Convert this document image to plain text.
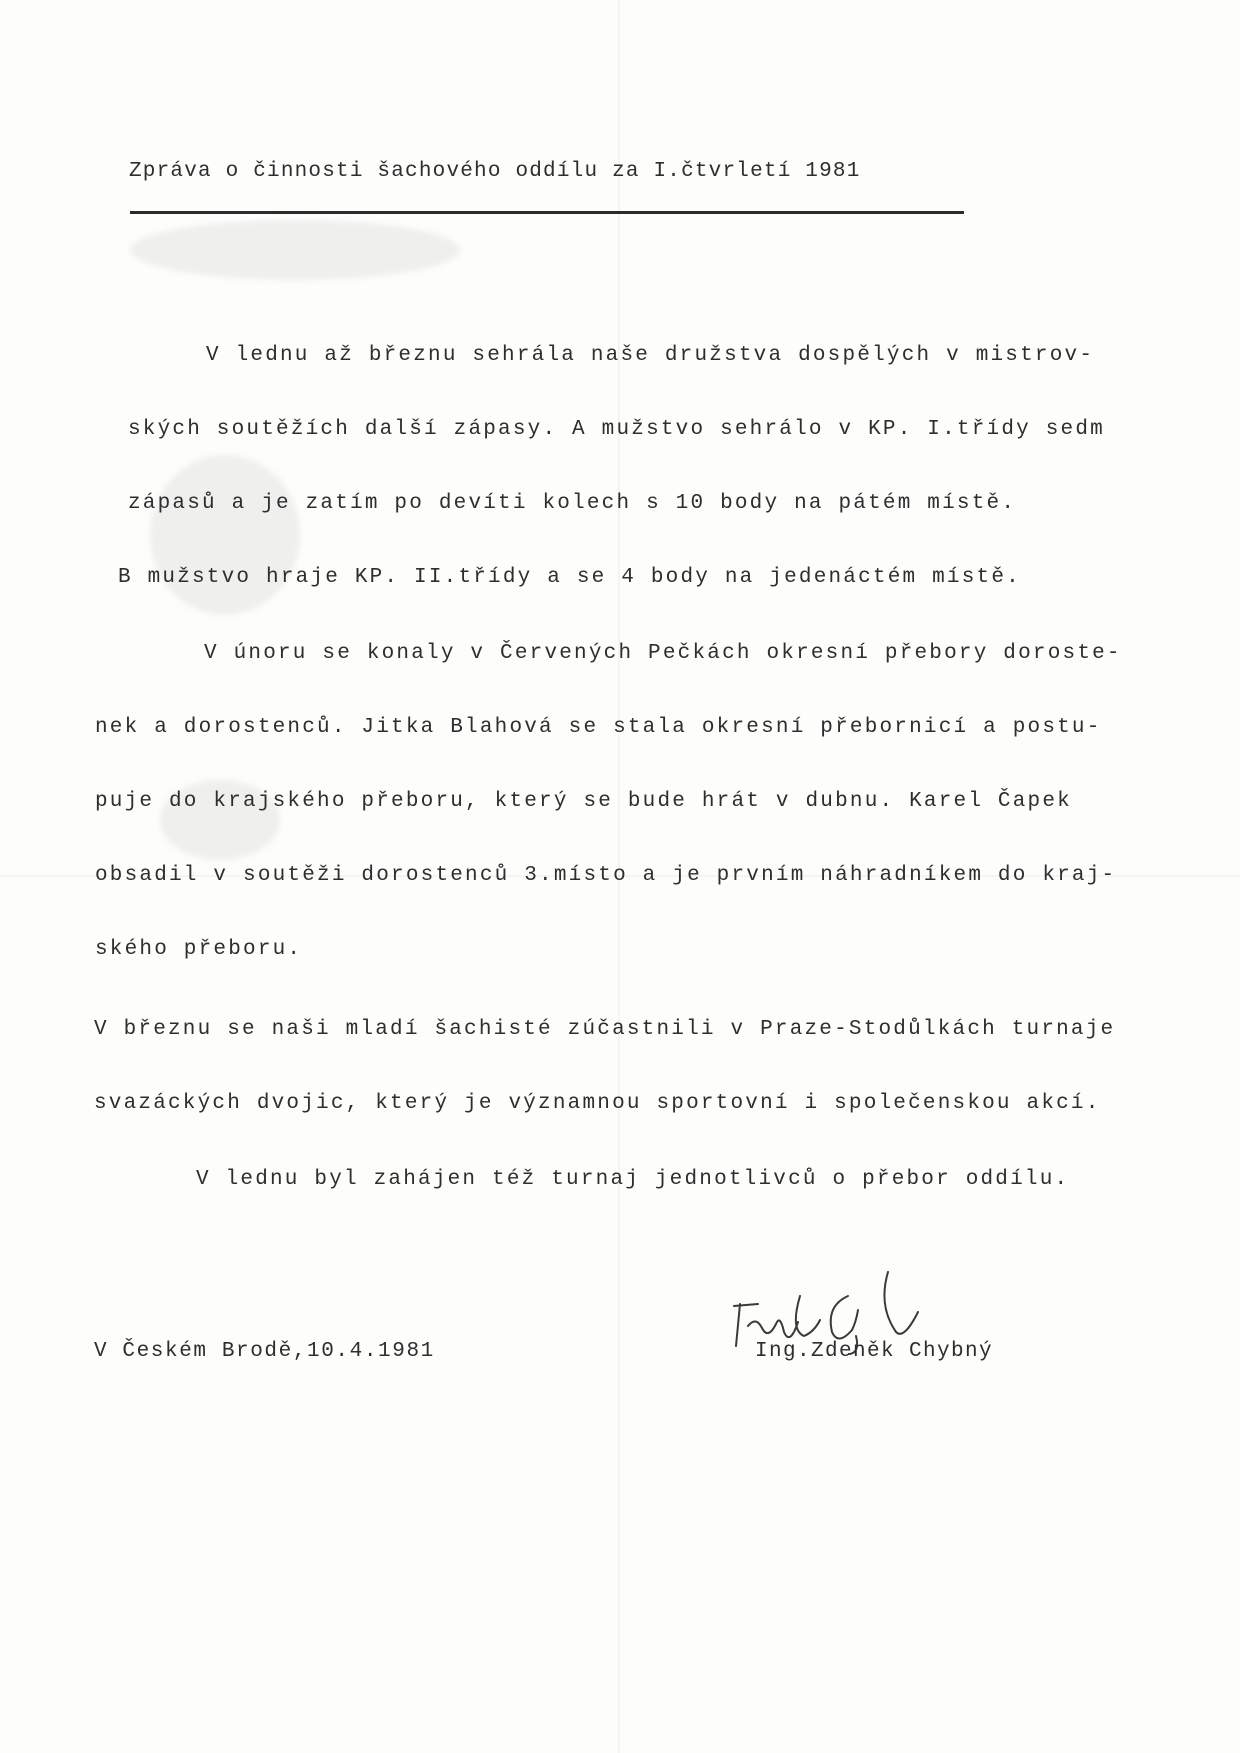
Zpráva o činnosti šachového oddílu za I.čtvrletí 1981

V lednu až březnu sehrála naše družstva dospělých v mistrov-

ských soutěžích další zápasy. A mužstvo sehrálo v KP. I.třídy sedm

zápasů a je zatím po devíti kolech s 10 body na pátém místě.

B mužstvo hraje KP. II.třídy a se 4 body na jedenáctém místě.

V únoru se konaly v Červených Pečkách okresní přebory doroste-

nek a dorostenců. Jitka Blahová se stala okresní přebornicí a postu-

puje do krajského přeboru, který se bude hrát v dubnu. Karel Čapek

obsadil v soutěži dorostenců 3.místo a je prvním náhradníkem do kraj-

ského přeboru.

V březnu se naši mladí šachisté zúčastnili v Praze-Stodůlkách turnaje

svazáckých dvojic, který je významnou sportovní i společenskou akcí.

V lednu byl zahájen též turnaj jednotlivců o přebor oddílu.

V Českém Brodě,10.4.1981	Ing.Zdeněk Chybný
